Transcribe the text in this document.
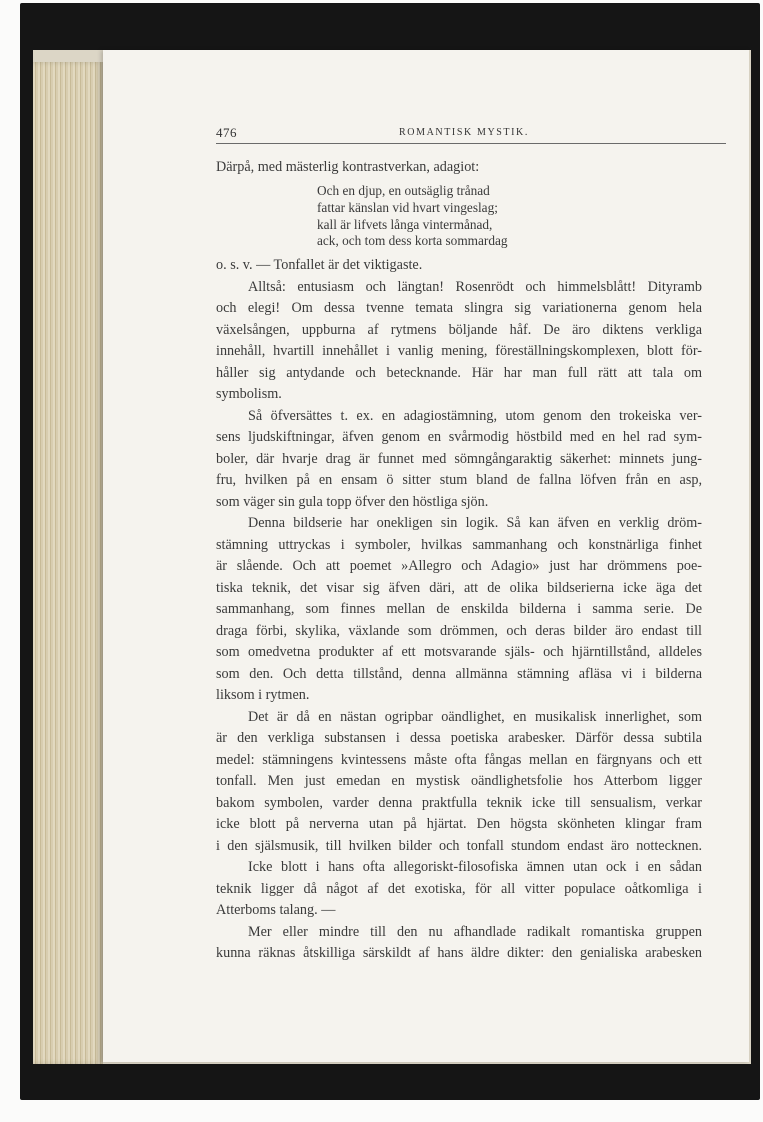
476	ROMANTISK MYSTIK.
Därpå, med mästerlig kontrastverkan, adagiot:
Och en djup, en outsäglig trånad
fattar känslan vid hvart vingeslag;
kall är lifvets långa vintermånad,
ack, och tom dess korta sommardag
o. s. v. — Tonfallet är det viktigaste.
Alltså: entusiasm och längtan! Rosenrödt och himmelsblått! Dityramb
och elegi! Om dessa tvenne temata slingra sig variationerna genom hela
växelsången, uppburna af rytmens böljande håf. De äro diktens verkliga
innehåll, hvartill innehållet i vanlig mening, föreställningskomplexen, blott för-
håller sig antydande och betecknande. Här har man full rätt att tala om
symbolism.
Så öfversättes t. ex. en adagiostämning, utom genom den trokeiska ver-
sens ljudskiftningar, äfven genom en svårmodig höstbild med en hel rad sym-
boler, där hvarje drag är funnet med sömngångaraktig säkerhet: minnets jung-
fru, hvilken på en ensam ö sitter stum bland de fallna löfven från en asp,
som väger sin gula topp öfver den höstliga sjön.
Denna bildserie har onekligen sin logik. Så kan äfven en verklig dröm-
stämning uttryckas i symboler, hvilkas sammanhang och konstnärliga finhet
är slående. Och att poemet »Allegro och Adagio» just har drömmens poe-
tiska teknik, det visar sig äfven däri, att de olika bildserierna icke äga det
sammanhang, som finnes mellan de enskilda bilderna i samma serie. De
draga förbi, skylika, växlande som drömmen, och deras bilder äro endast till
som omedvetna produkter af ett motsvarande själs- och hjärntillstånd, alldeles
som den. Och detta tillstånd, denna allmänna stämning afläsa vi i bilderna
liksom i rytmen.
Det är då en nästan ogripbar oändlighet, en musikalisk innerlighet, som
är den verkliga substansen i dessa poetiska arabesker. Därför dessa subtila
medel: stämningens kvintessens måste ofta fångas mellan en färgnyans och ett
tonfall. Men just emedan en mystisk oändlighetsfolie hos Atterbom ligger
bakom symbolen, varder denna praktfulla teknik icke till sensualism, verkar
icke blott på nerverna utan på hjärtat. Den högsta skönheten klingar fram
i den själsmusik, till hvilken bilder och tonfall stundom endast äro nottecknen.
Icke blott i hans ofta allegoriskt-filosofiska ämnen utan ock i en sådan
teknik ligger då något af det exotiska, för all vitter populace oåtkomliga i
Atterboms talang. —
Mer eller mindre till den nu afhandlade radikalt romantiska gruppen
kunna räknas åtskilliga särskildt af hans äldre dikter: den genialiska arabesken
